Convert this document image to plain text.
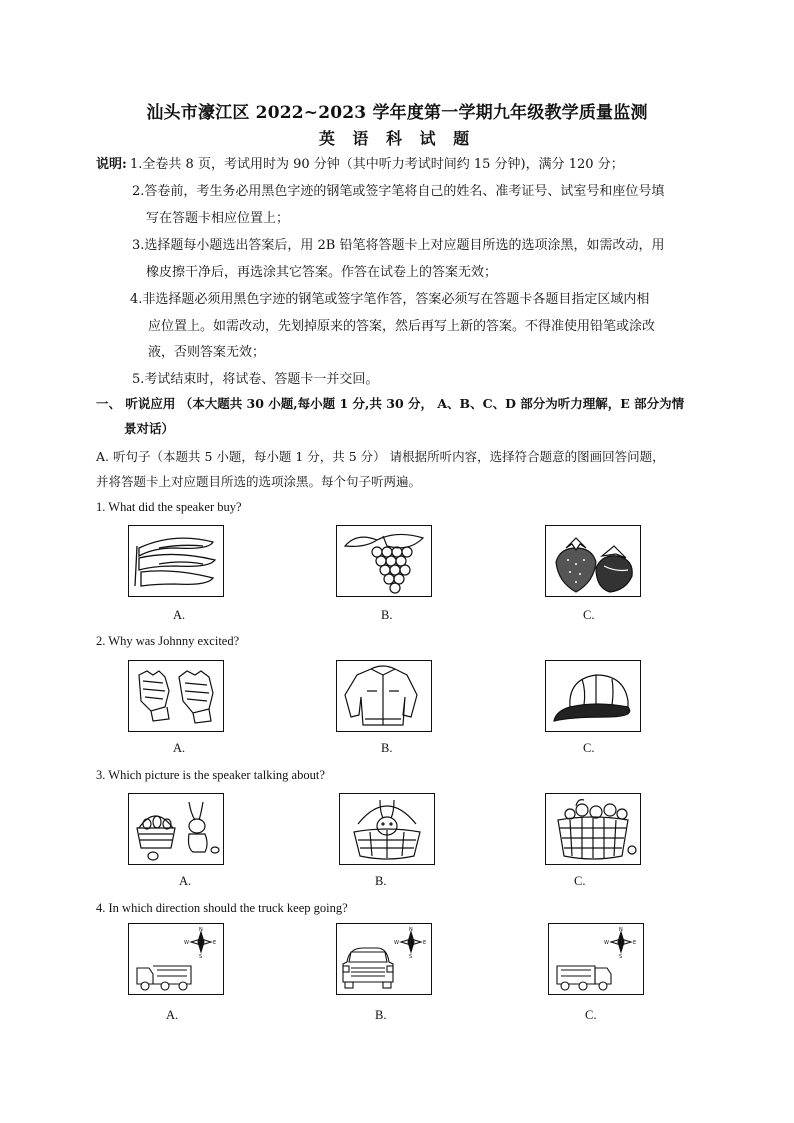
汕头市濠江区 2022~2023 学年度第一学期九年级教学质量监测
英 语 科 试 题
说明: 1.全卷共 8 页，考试用时为 90 分钟（其中听力考试时间约 15 分钟)，满分 120 分；
2.答卷前，考生务必用黑色字迹的钢笔或签字笔将自己的姓名、准考证号、试室号和座位号填
写在答题卡相应位置上；
3.选择题每小题选出答案后，用 2B 铅笔将答题卡上对应题目所选的选项涂黑，如需改动，用
橡皮擦干净后，再选涂其它答案。作答在试卷上的答案无效；
4.非选择题必须用黑色字迹的钢笔或签字笔作答，答案必须写在答题卡各题目指定区域内相
应位置上。如需改动，先划掉原来的答案，然后再写上新的答案。不得准使用铅笔或涂改
液，否则答案无效；
5.考试结束时，将试卷、答题卡一并交回。
一、 听说应用 （本大题共 30 小题,每小题 1 分,共 30 分， A、B、C、D 部分为听力理解，E 部分为情
景对话）
A. 听句子（本题共 5 小题，每小题 1 分，共 5 分） 请根据所听内容，选择符合题意的图画回答问题，
并将答题卡上对应题目所选的选项涂黑。每个句子听两遍。
1. What did the speaker buy?
A.	B.	C.
2. Why was Johnny excited?
A.	B.	C.
3. Which picture is the speaker talking about?
A.	B.	C.
4. In which direction should the truck keep going?
N
S
E
W
N
S
E
W
N
S
E
W
A.	B.	C.
